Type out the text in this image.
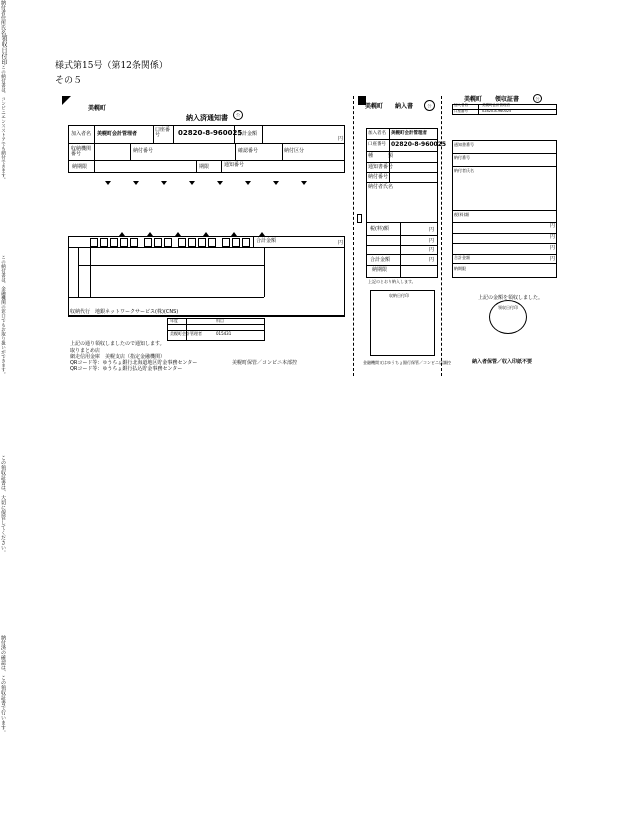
様式第15号（第12条関係）
その５
美幌町
納入済通知書	公
加入者名 美幌町会計管理者
口座番号	02820-8-960025
合計金額
円
収納機関番号	納付番号	確認番号	納付区分
納期限	期限	通知番号
合計金額	円
納付者
住所
氏名
領収日付印
収納代行　地銀ネットワークサービス(株)(CNS)
年度	科目
美幌町会計管理者	015431
上記の通り領収しましたので通知します。
取りまとめ店
網走信用金庫　美幌支店（指定金融機関）
QRコード等：ゆうちょ銀行北海道地区貯金事務センター
QRコード等：ゆうちょ銀行払込貯金事務センター
美幌町保管／コンビニ本部控
美幌町 納入書	公
加入者名 美幌町会計管理者
口座番号 02820-8-960025
種　　　類
通知書番号
納付番号
納付者氏名
税(料)額	円
円
円
合計金額	円
納期限
上記のとおり納入します。
収納日付印
金融機関又はゆうちょ銀行保管／コンビニ店舗控
この納付書は、コンビニエンスストアでも納付できます。
この納付書は、金融機関の窓口でもお取り扱いができます。
美幌町 領収証書	公
加入者名	美幌町会計管理者
口座番号	02820-8-960025
通知書番号
納付番号
納付者氏名
税(料)額
円
円
円
合計金額	円
納期限
上記の金額を領収しました。
領収日付印
納入者保管／収入印紙不要
この領収証書は、大切に保管してください。
納付済の確認は、この領収証書で行います。
